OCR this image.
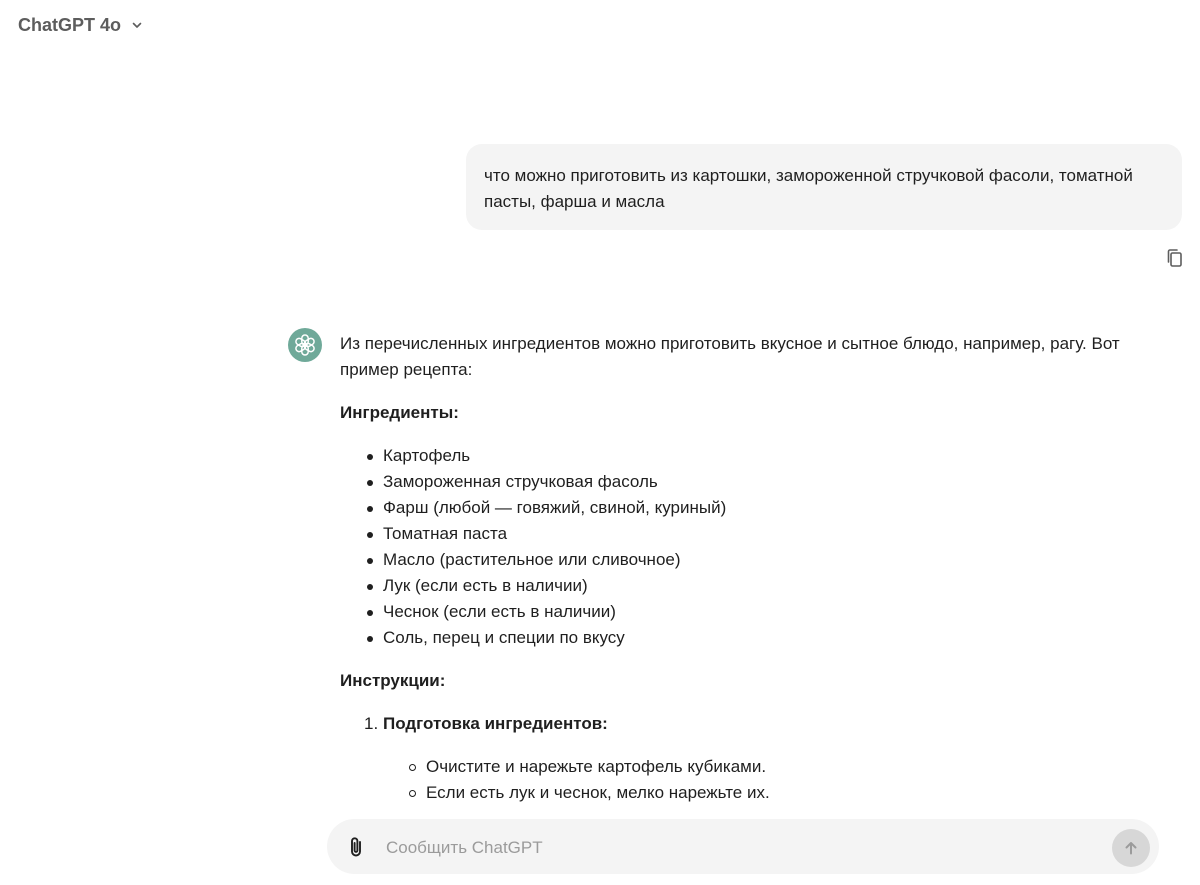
ChatGPT 4o
что можно приготовить из картошки, замороженной стручковой фасоли, томатной пасты, фарша и масла

Из перечисленных ингредиентов можно приготовить вкусное и сытное блюдо, например, рагу. Вот пример рецепта:

Ингредиенты:

Картофель
Замороженная стручковая фасоль
Фарш (любой — говяжий, свиной, куриный)
Томатная паста
Масло (растительное или сливочное)
Лук (если есть в наличии)
Чеснок (если есть в наличии)
Соль, перец и специи по вкусу

Инструкции:

1. Подготовка ингредиентов:
Очистите и нарежьте картофель кубиками.
Если есть лук и чеснок, мелко нарежьте их.
Сообщить ChatGPT
